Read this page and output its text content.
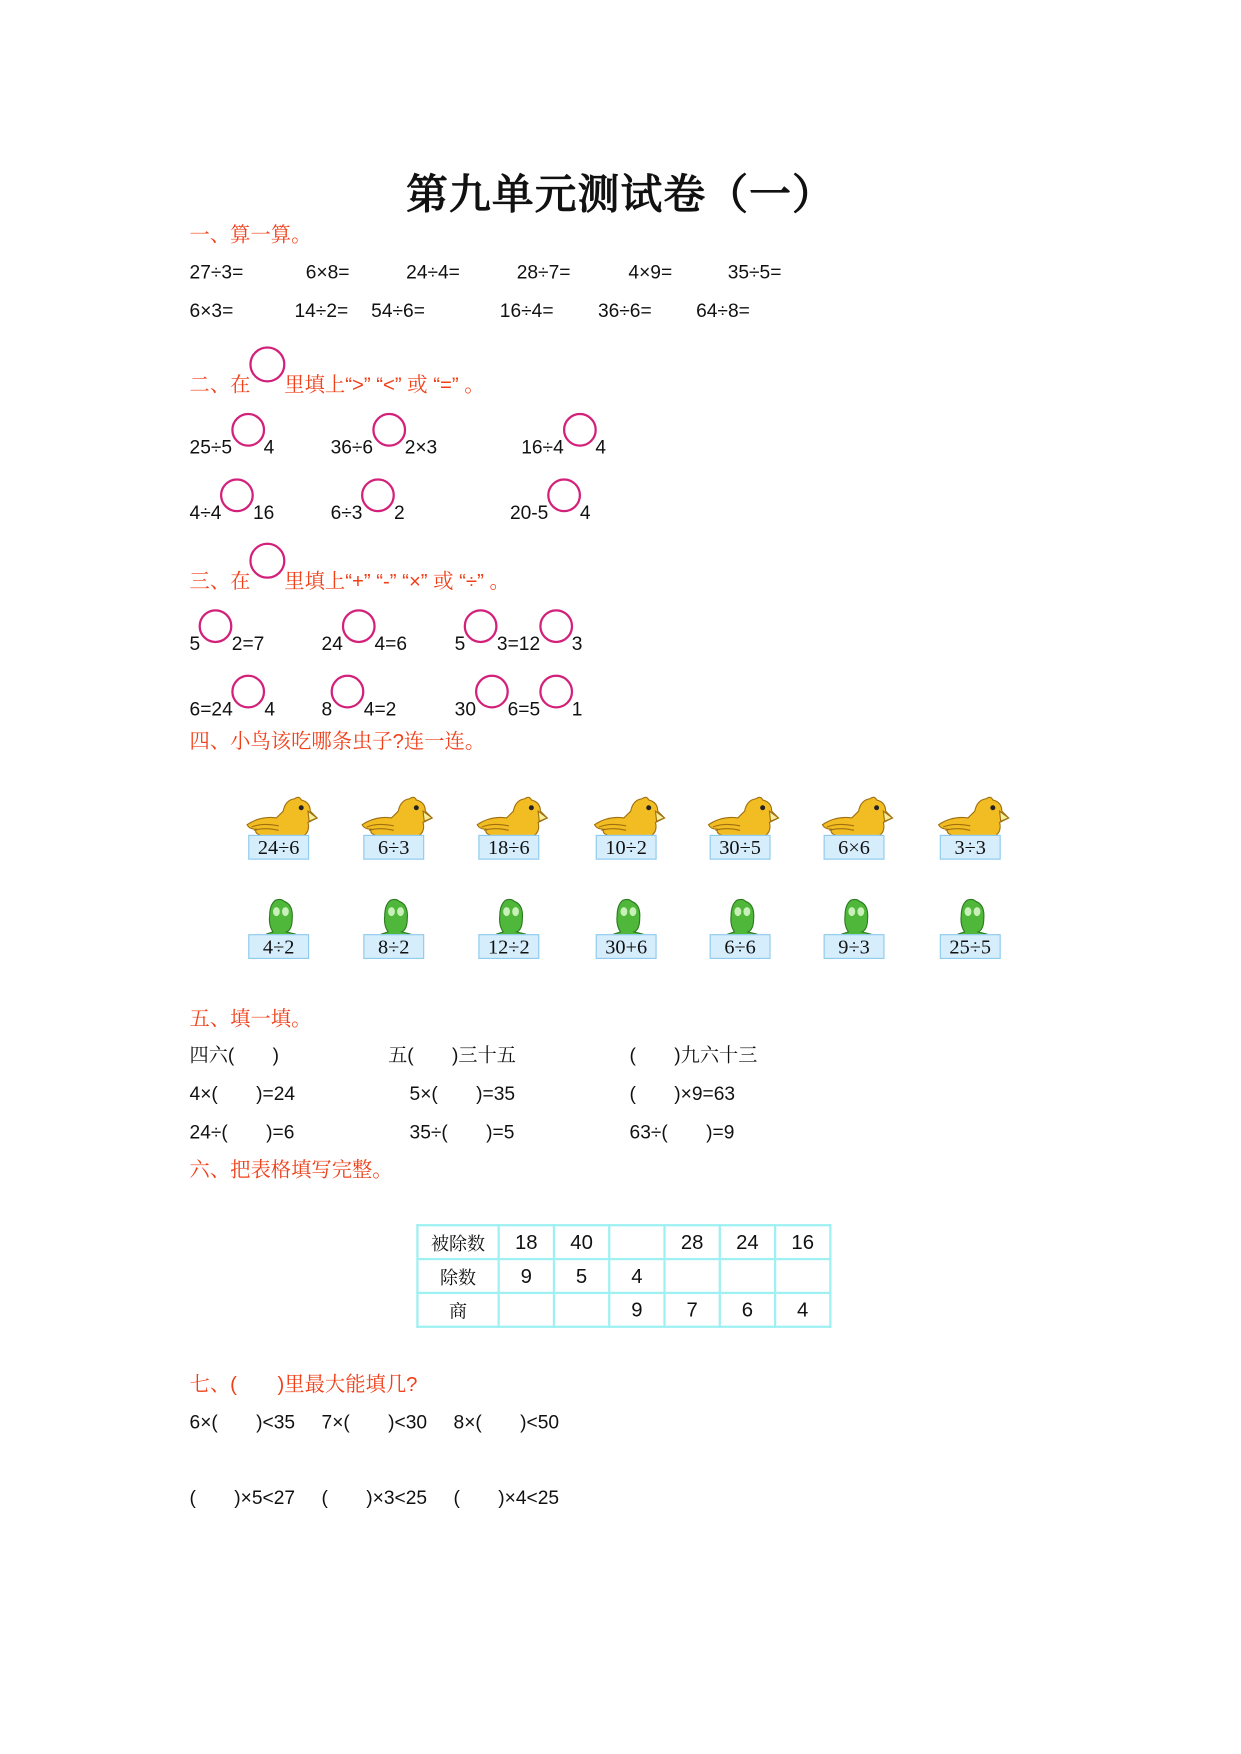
第九单元测试卷（一）
一、算一算。
27÷3=	6×8=	24÷4=	28÷7=	4×9=	35÷5=
6×3=	14÷2= 54÷6=	16÷4=	36÷6=	64÷8=
二、在 里填上“>” “<” 或 “=” 。
25÷5 4	36÷6 2×3	16÷4 4
4÷4 16	6÷3 2	20-5 4
三、在 里填上“+” “-” “×” 或 “÷” 。
5 2=7	24 4=6	5 3=12 3
6=24 4	8 4=2	30 6=5 1
四、小鸟该吃哪条虫子?连一连。
24÷6	6÷3	18÷6	10÷2	30÷5	6×6	3÷3
4÷2	8÷2	12÷2	30+6	6÷6	9÷3	25÷5
五、填一填。
四六(　　)	五(　　)三十五	(　　)九六十三
4×(　　)=24	5×(　　)=35	(　　)×9=63
24÷(　　)=6	35÷(　　)=5	63÷(　　)=9
六、把表格填写完整。
被除数	18	40		28	24	16
除数	9	5	4			
商			9	7	6	4
七、(　　)里最大能填几?
6×(　　)<35 7×(　　)<30 8×(　　)<50
(　　)×5<27 (　　)×3<25 (　　)×4<25
